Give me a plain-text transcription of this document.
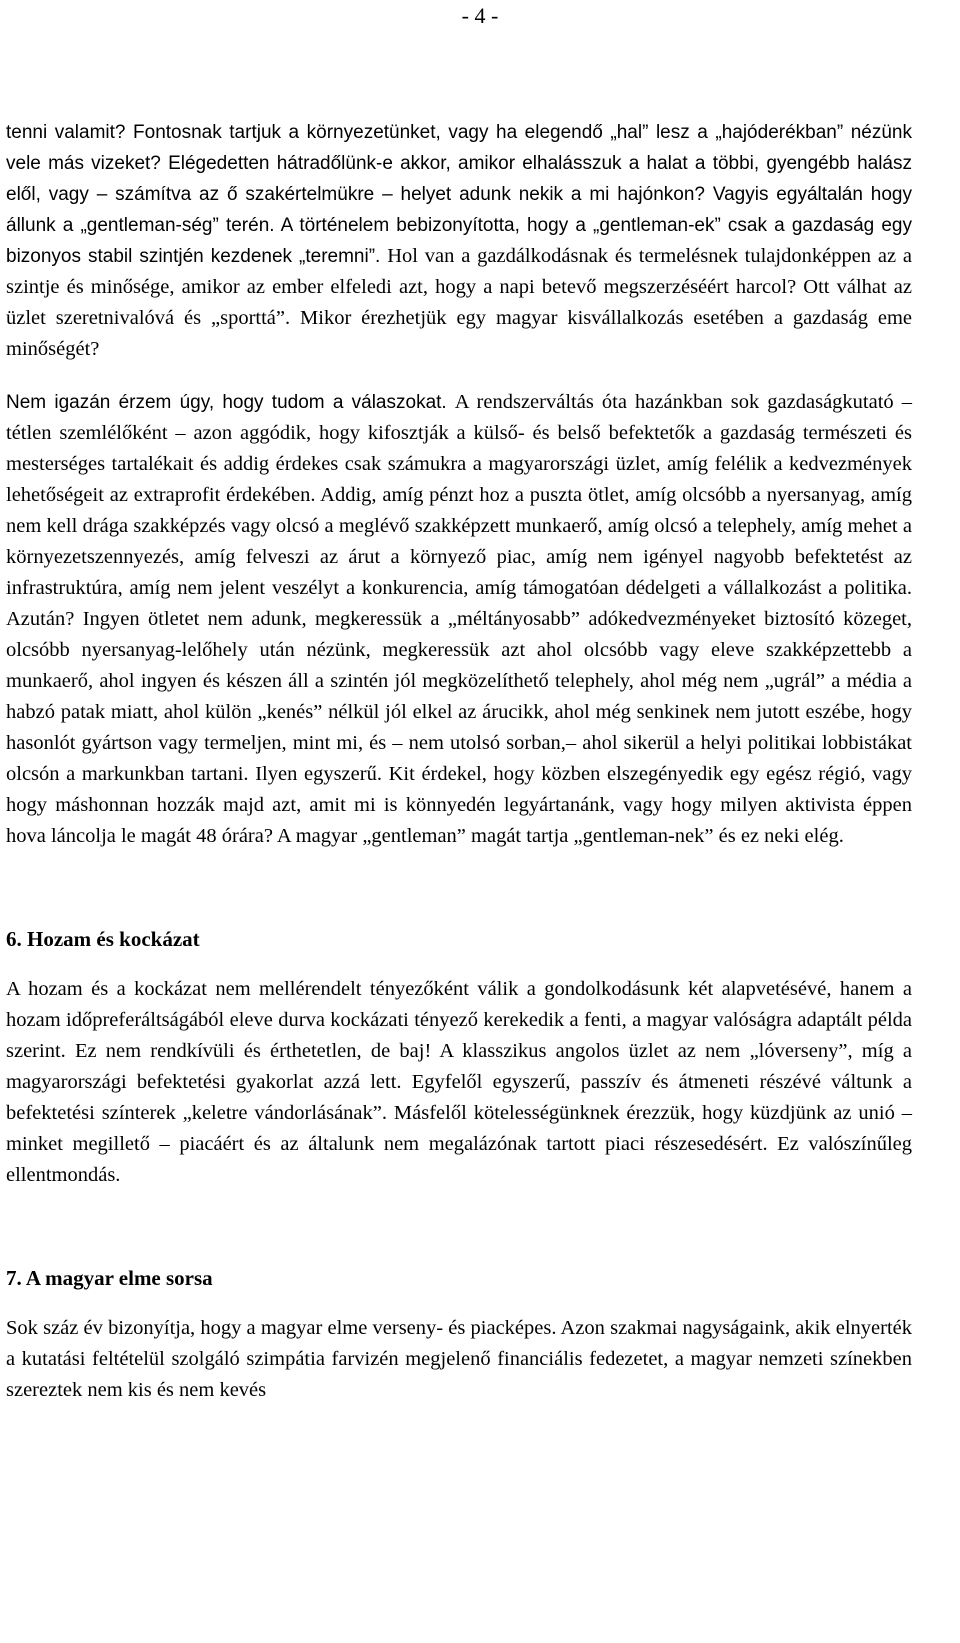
- 4 -

tenni valamit? Fontosnak tartjuk a környezetünket, vagy ha elegendő „hal” lesz a „hajóderékban” nézünk vele más vizeket? Elégedetten hátradőlünk-e akkor, amikor elhalásszuk a halat a többi, gyengébb halász elől, vagy – számítva az ő szakértelmükre – helyet adunk nekik a mi hajónkon? Vagyis egyáltalán hogy állunk a „gentleman-ség” terén. A történelem bebizonyította, hogy a „gentleman-ek” csak a gazdaság egy bizonyos stabil szintjén kezdenek „teremni”. Hol van a gazdálkodásnak és termelésnek tulajdonképpen az a szintje és minősége, amikor az ember elfeledi azt, hogy a napi betevő megszerzéséért harcol? Ott válhat az üzlet szeretnivalóvá és „sporttá”. Mikor érezhetjük egy magyar kisvállalkozás esetében a gazdaság eme minőségét?

Nem igazán érzem úgy, hogy tudom a válaszokat. A rendszerváltás óta hazánkban sok gazdaságkutató – tétlen szemlélőként – azon aggódik, hogy kifosztják a külső- és belső befektetők a gazdaság természeti és mesterséges tartalékait és addig érdekes csak számukra a magyarországi üzlet, amíg felélik a kedvezmények lehetőségeit az extraprofit érdekében. Addig, amíg pénzt hoz a puszta ötlet, amíg olcsóbb a nyersanyag, amíg nem kell drága szakképzés vagy olcsó a meglévő szakképzett munkaerő, amíg olcsó a telephely, amíg mehet a környezetszennyezés, amíg felveszi az árut a környező piac, amíg nem igényel nagyobb befektetést az infrastruktúra, amíg nem jelent veszélyt a konkurencia, amíg támogatóan dédelgeti a vállalkozást a politika. Azután? Ingyen ötletet nem adunk, megkeressük a „méltányosabb” adókedvezményeket biztosító közeget, olcsóbb nyersanyag-lelőhely után nézünk, megkeressük azt ahol olcsóbb vagy eleve szakképzettebb a munkaerő, ahol ingyen és készen áll a szintén jól megközelíthető telephely, ahol még nem „ugrál” a média a habzó patak miatt, ahol külön „kenés” nélkül jól elkel az árucikk, ahol még senkinek nem jutott eszébe, hogy hasonlót gyártson vagy termeljen, mint mi, és – nem utolsó sorban,– ahol sikerül a helyi politikai lobbistákat olcsón a markunkban tartani. Ilyen egyszerű. Kit érdekel, hogy közben elszegényedik egy egész régió, vagy hogy máshonnan hozzák majd azt, amit mi is könnyedén legyártanánk, vagy hogy milyen aktivista éppen hova láncolja le magát 48 órára? A magyar „gentleman” magát tartja „gentleman-nek” és ez neki elég.

6. Hozam és kockázat

A hozam és a kockázat nem mellérendelt tényezőként válik a gondolkodásunk két alapvetésévé, hanem a hozam időpreferáltságából eleve durva kockázati tényező kerekedik a fenti, a magyar valóságra adaptált példa szerint. Ez nem rendkívüli és érthetetlen, de baj! A klasszikus angolos üzlet az nem „lóverseny”, míg a magyarországi befektetési gyakorlat azzá lett. Egyfelől egyszerű, passzív és átmeneti részévé váltunk a befektetési színterek „keletre vándorlásának”. Másfelől kötelességünknek érezzük, hogy küzdjünk az unió – minket megillető – piacáért és az általunk nem megalázónak tartott piaci részesedésért. Ez valószínűleg ellentmondás.

7. A magyar elme sorsa

Sok száz év bizonyítja, hogy a magyar elme verseny- és piacképes. Azon szakmai nagyságaink, akik elnyerték a kutatási feltételül szolgáló szimpátia farvizén megjelenő financiális fedezetet, a magyar nemzeti színekben szereztek nem kis és nem kevés
